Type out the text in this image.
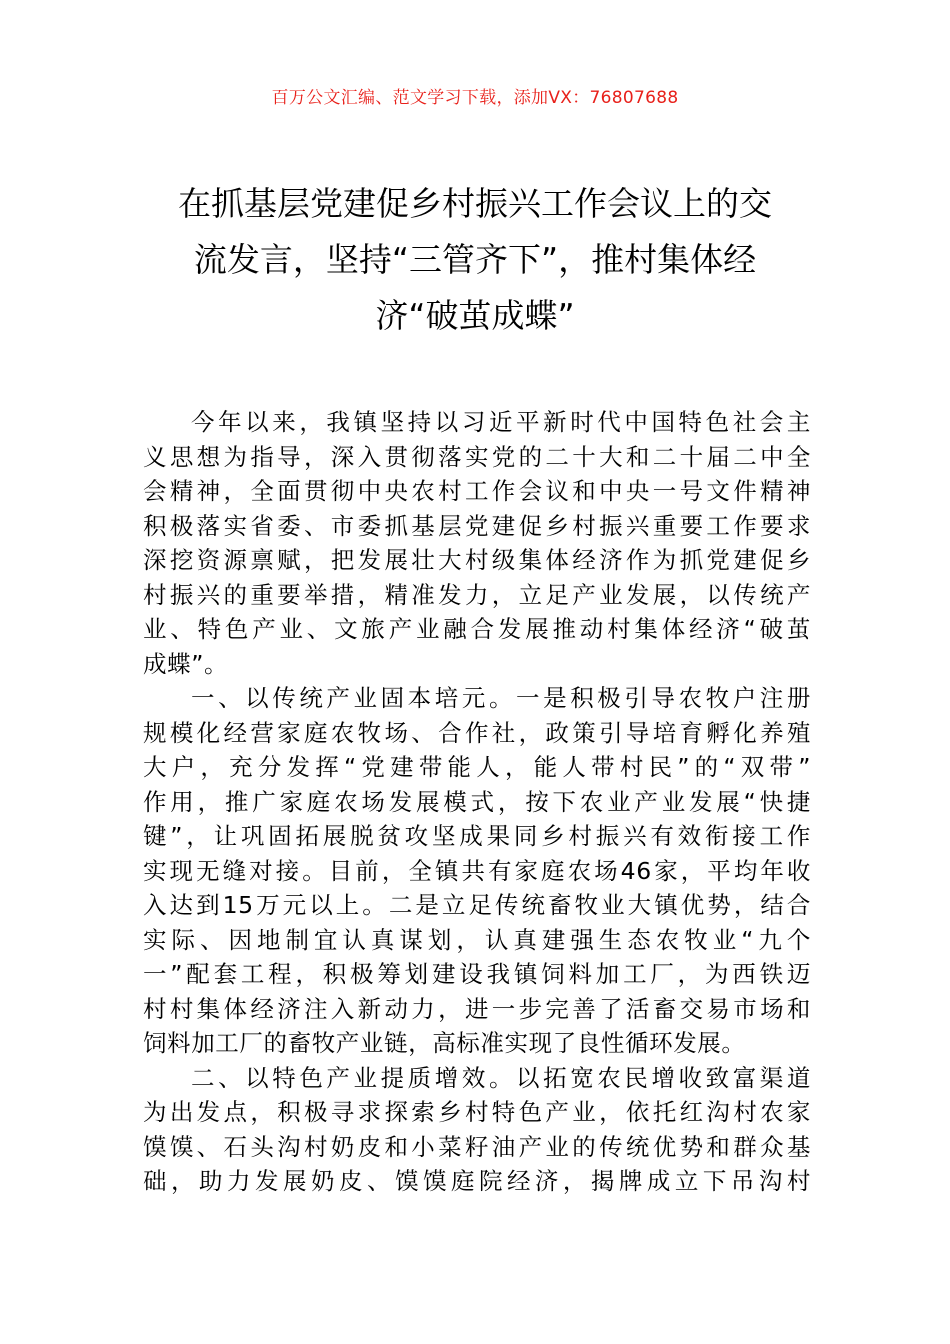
百万公文汇编、范文学习下载，添加VX：76807688
在抓基层党建促乡村振兴工作会议上的交
流发言，坚持“三管齐下”，推村集体经
济“破茧成蝶”
今年以来，我镇坚持以习近平新时代中国特色社会主
义思想为指导，深入贯彻落实党的二十大和二十届二中全
会精神，全面贯彻中央农村工作会议和中央一号文件精神
积极落实省委、市委抓基层党建促乡村振兴重要工作要求
深挖资源禀赋，把发展壮大村级集体经济作为抓党建促乡
村振兴的重要举措，精准发力，立足产业发展，以传统产
业、特色产业、文旅产业融合发展推动村集体经济“破茧
成蝶”。
一、以传统产业固本培元。一是积极引导农牧户注册
规模化经营家庭农牧场、合作社，政策引导培育孵化养殖
大户，充分发挥“党建带能人，能人带村民”的“双带”
作用，推广家庭农场发展模式，按下农业产业发展“快捷
键”，让巩固拓展脱贫攻坚成果同乡村振兴有效衔接工作
实现无缝对接。目前，全镇共有家庭农场46家，平均年收
入达到15万元以上。二是立足传统畜牧业大镇优势，结合
实际、因地制宜认真谋划，认真建强生态农牧业“九个
一”配套工程，积极筹划建设我镇饲料加工厂，为西铁迈
村村集体经济注入新动力，进一步完善了活畜交易市场和
饲料加工厂的畜牧产业链，高标准实现了良性循环发展。
二、以特色产业提质增效。以拓宽农民增收致富渠道
为出发点，积极寻求探索乡村特色产业，依托红沟村农家
馍馍、石头沟村奶皮和小菜籽油产业的传统优势和群众基
础，助力发展奶皮、馍馍庭院经济，揭牌成立下吊沟村
